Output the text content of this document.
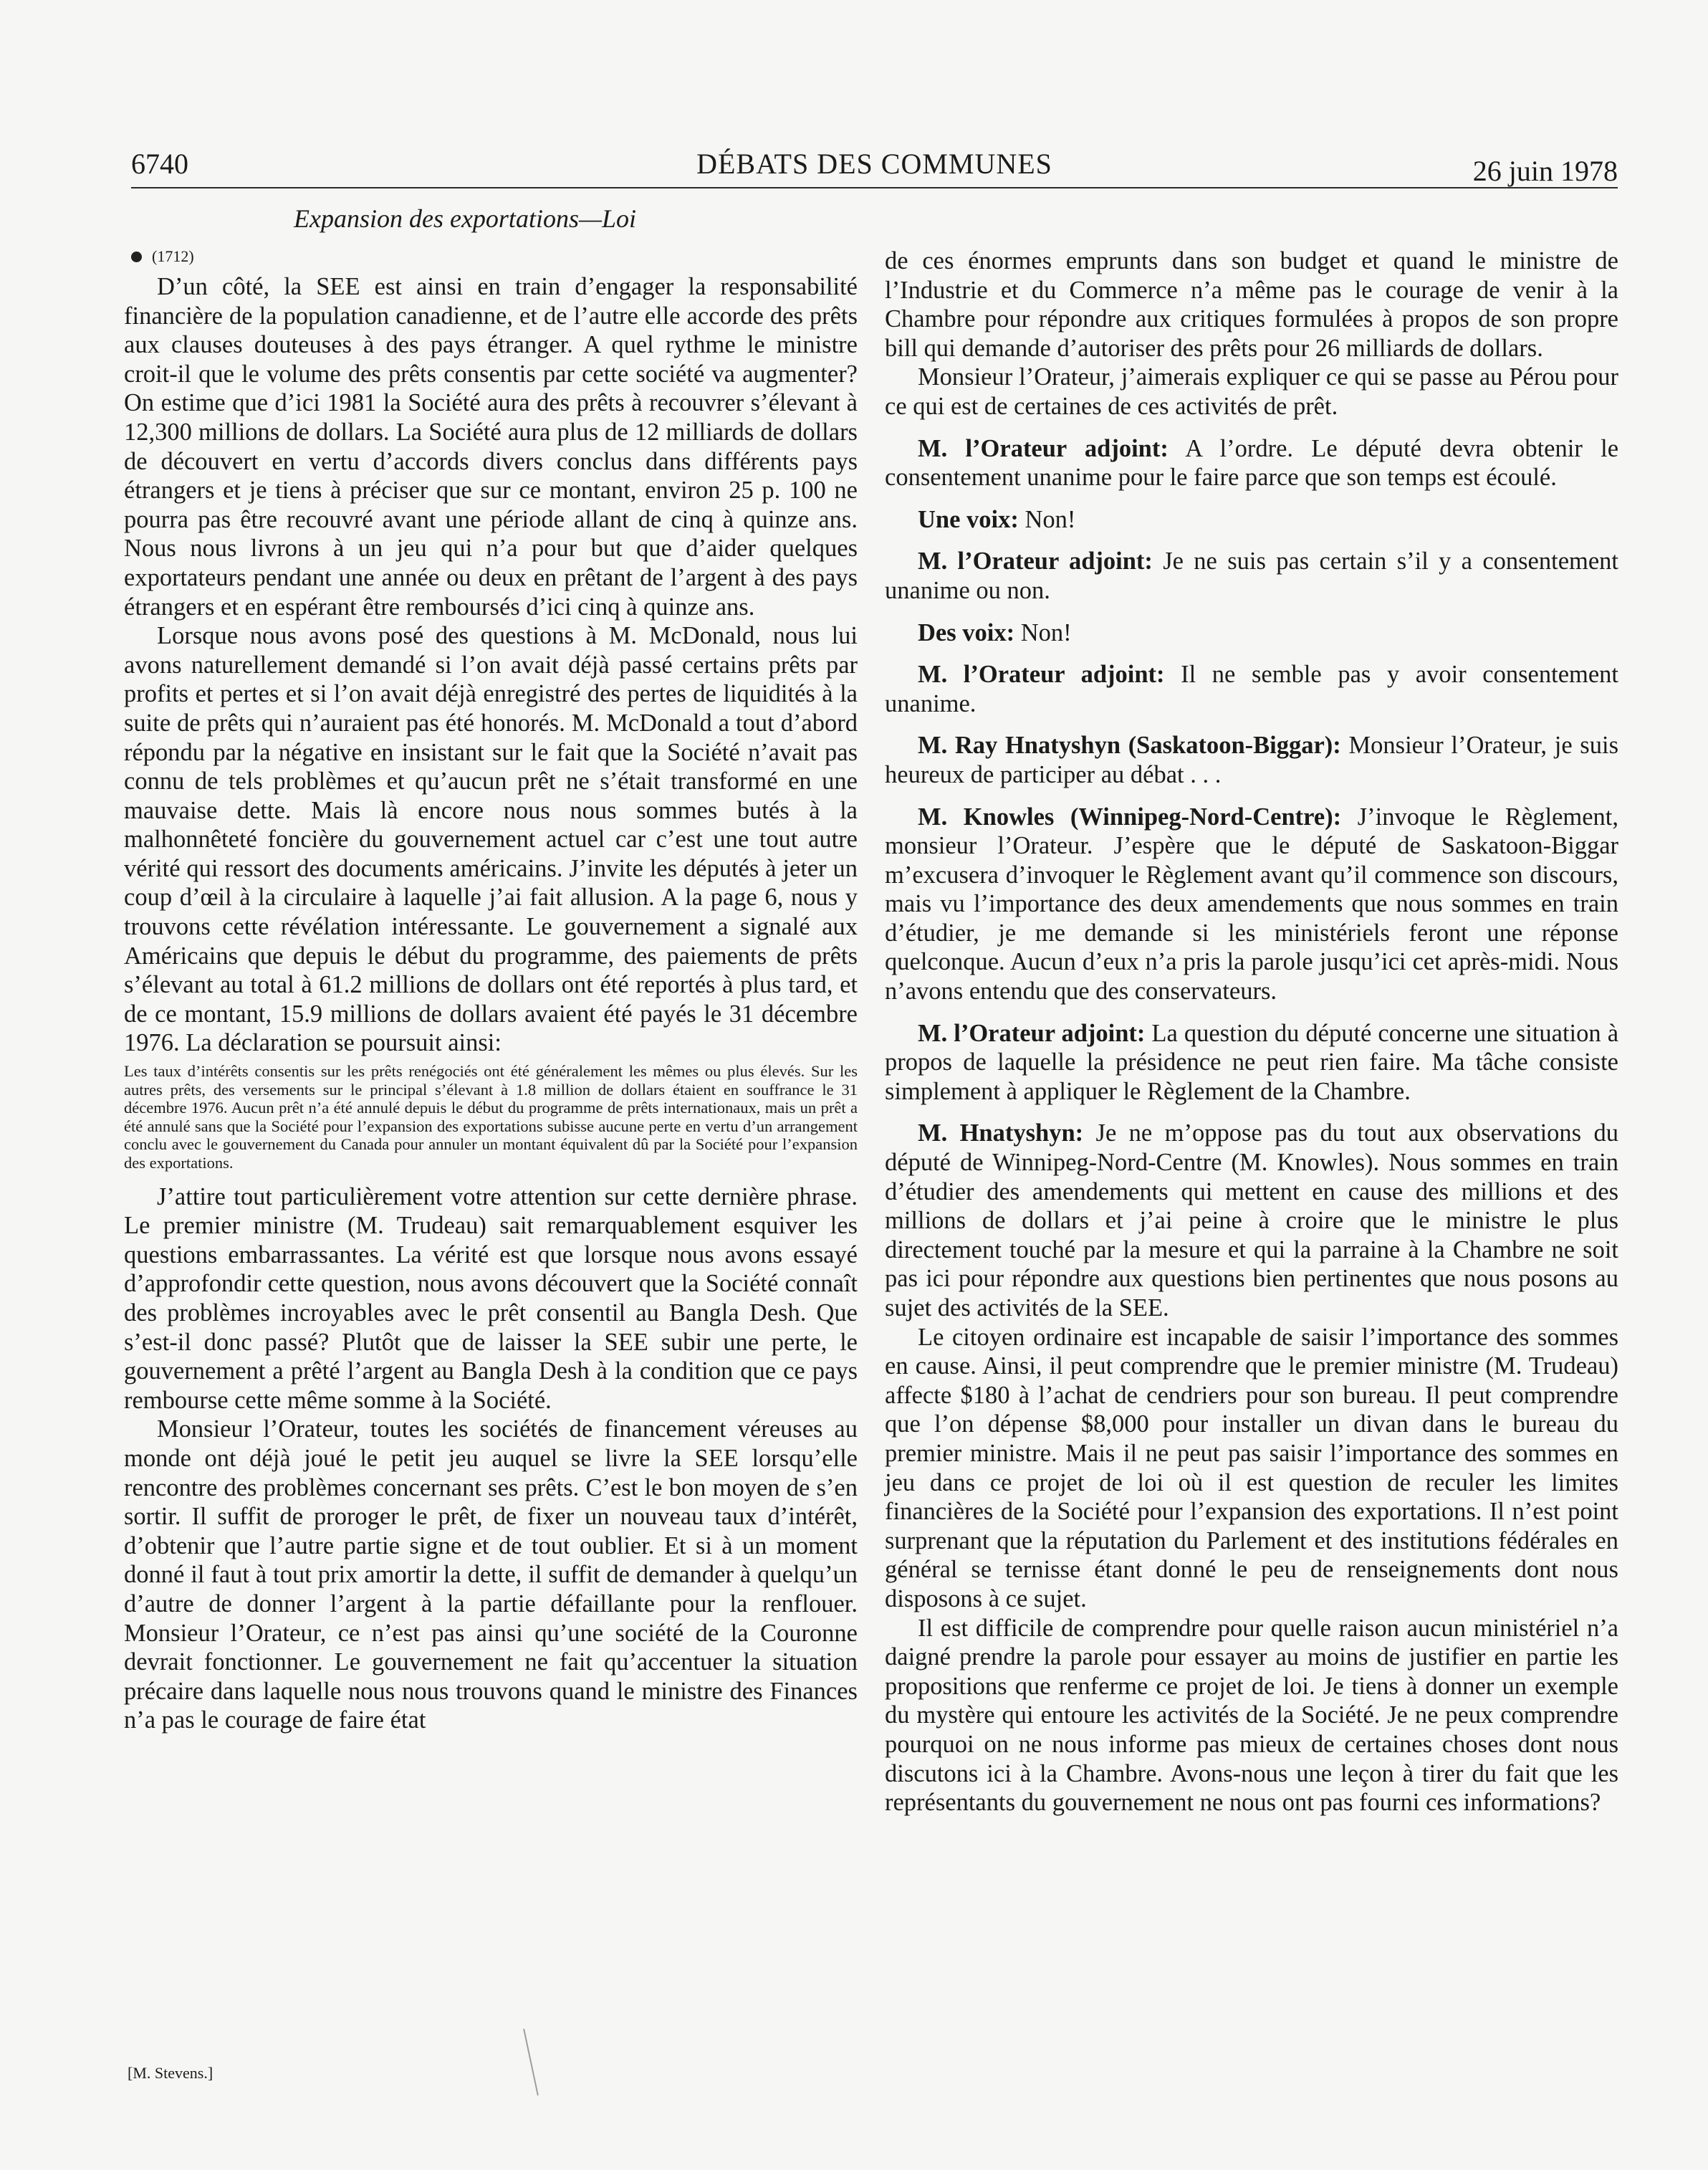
6740	DÉBATS DES COMMUNES	26 juin 1978
Expansion des exportations—Loi
(1712)

D’un côté, la SEE est ainsi en train d’engager la responsabilité financière de la population canadienne, et de l’autre elle accorde des prêts aux clauses douteuses à des pays étranger. A quel rythme le ministre croit-il que le volume des prêts consentis par cette société va augmenter? On estime que d’ici 1981 la Société aura des prêts à recouvrer s’élevant à 12,300 millions de dollars. La Société aura plus de 12 milliards de dollars de découvert en vertu d’accords divers conclus dans différents pays étrangers et je tiens à préciser que sur ce montant, environ 25 p. 100 ne pourra pas être recouvré avant une période allant de cinq à quinze ans. Nous nous livrons à un jeu qui n’a pour but que d’aider quelques exportateurs pendant une année ou deux en prêtant de l’argent à des pays étrangers et en espérant être remboursés d’ici cinq à quinze ans.

Lorsque nous avons posé des questions à M. McDonald, nous lui avons naturellement demandé si l’on avait déjà passé certains prêts par profits et pertes et si l’on avait déjà enregistré des pertes de liquidités à la suite de prêts qui n’auraient pas été honorés. M. McDonald a tout d’abord répondu par la négative en insistant sur le fait que la Société n’avait pas connu de tels problèmes et qu’aucun prêt ne s’était transformé en une mauvaise dette. Mais là encore nous nous sommes butés à la malhonnêteté foncière du gouvernement actuel car c’est une tout autre vérité qui ressort des documents américains. J’invite les députés à jeter un coup d’œil à la circulaire à laquelle j’ai fait allusion. A la page 6, nous y trouvons cette révélation intéressante. Le gouvernement a signalé aux Américains que depuis le début du programme, des paiements de prêts s’élevant au total à 61.2 millions de dollars ont été reportés à plus tard, et de ce montant, 15.9 millions de dollars avaient été payés le 31 décembre 1976. La déclaration se poursuit ainsi:

Les taux d’intérêts consentis sur les prêts renégociés ont été généralement les mêmes ou plus élevés. Sur les autres prêts, des versements sur le principal s’élevant à 1.8 million de dollars étaient en souffrance le 31 décembre 1976. Aucun prêt n’a été annulé depuis le début du programme de prêts internationaux, mais un prêt a été annulé sans que la Société pour l’expansion des exportations subisse aucune perte en vertu d’un arrangement conclu avec le gouvernement du Canada pour annuler un montant équivalent dû par la Société pour l’expansion des exportations.

J’attire tout particulièrement votre attention sur cette dernière phrase. Le premier ministre (M. Trudeau) sait remarquablement esquiver les questions embarrassantes. La vérité est que lorsque nous avons essayé d’approfondir cette question, nous avons découvert que la Société connaît des problèmes incroyables avec le prêt consentil au Bangla Desh. Que s’est-il donc passé? Plutôt que de laisser la SEE subir une perte, le gouvernement a prêté l’argent au Bangla Desh à la condition que ce pays rembourse cette même somme à la Société.

Monsieur l’Orateur, toutes les sociétés de financement véreuses au monde ont déjà joué le petit jeu auquel se livre la SEE lorsqu’elle rencontre des problèmes concernant ses prêts. C’est le bon moyen de s’en sortir. Il suffit de proroger le prêt, de fixer un nouveau taux d’intérêt, d’obtenir que l’autre partie signe et de tout oublier. Et si à un moment donné il faut à tout prix amortir la dette, il suffit de demander à quelqu’un d’autre de donner l’argent à la partie défaillante pour la renflouer. Monsieur l’Orateur, ce n’est pas ainsi qu’une société de la Couronne devrait fonctionner. Le gouvernement ne fait qu’accentuer la situation précaire dans laquelle nous nous trouvons quand le ministre des Finances n’a pas le courage de faire état

[M. Stevens.]

de ces énormes emprunts dans son budget et quand le ministre de l’Industrie et du Commerce n’a même pas le courage de venir à la Chambre pour répondre aux critiques formulées à propos de son propre bill qui demande d’autoriser des prêts pour 26 milliards de dollars.

Monsieur l’Orateur, j’aimerais expliquer ce qui se passe au Pérou pour ce qui est de certaines de ces activités de prêt.

M. l’Orateur adjoint: A l’ordre. Le député devra obtenir le consentement unanime pour le faire parce que son temps est écoulé.

Une voix: Non!

M. l’Orateur adjoint: Je ne suis pas certain s’il y a consentement unanime ou non.

Des voix: Non!

M. l’Orateur adjoint: Il ne semble pas y avoir consentement unanime.

M. Ray Hnatyshyn (Saskatoon-Biggar): Monsieur l’Orateur, je suis heureux de participer au débat . . .

M. Knowles (Winnipeg-Nord-Centre): J’invoque le Règlement, monsieur l’Orateur. J’espère que le député de Saskatoon-Biggar m’excusera d’invoquer le Règlement avant qu’il commence son discours, mais vu l’importance des deux amendements que nous sommes en train d’étudier, je me demande si les ministériels feront une réponse quelconque. Aucun d’eux n’a pris la parole jusqu’ici cet après-midi. Nous n’avons entendu que des conservateurs.

M. l’Orateur adjoint: La question du député concerne une situation à propos de laquelle la présidence ne peut rien faire. Ma tâche consiste simplement à appliquer le Règlement de la Chambre.

M. Hnatyshyn: Je ne m’oppose pas du tout aux observations du député de Winnipeg-Nord-Centre (M. Knowles). Nous sommes en train d’étudier des amendements qui mettent en cause des millions et des millions de dollars et j’ai peine à croire que le ministre le plus directement touché par la mesure et qui la parraine à la Chambre ne soit pas ici pour répondre aux questions bien pertinentes que nous posons au sujet des activités de la SEE.

Le citoyen ordinaire est incapable de saisir l’importance des sommes en cause. Ainsi, il peut comprendre que le premier ministre (M. Trudeau) affecte $180 à l’achat de cendriers pour son bureau. Il peut comprendre que l’on dépense $8,000 pour installer un divan dans le bureau du premier ministre. Mais il ne peut pas saisir l’importance des sommes en jeu dans ce projet de loi où il est question de reculer les limites financières de la Société pour l’expansion des exportations. Il n’est point surprenant que la réputation du Parlement et des institutions fédérales en général se ternisse étant donné le peu de renseignements dont nous disposons à ce sujet.

Il est difficile de comprendre pour quelle raison aucun ministériel n’a daigné prendre la parole pour essayer au moins de justifier en partie les propositions que renferme ce projet de loi. Je tiens à donner un exemple du mystère qui entoure les activités de la Société. Je ne peux comprendre pourquoi on ne nous informe pas mieux de certaines choses dont nous discutons ici à la Chambre. Avons-nous une leçon à tirer du fait que les représentants du gouvernement ne nous ont pas fourni ces informations?
